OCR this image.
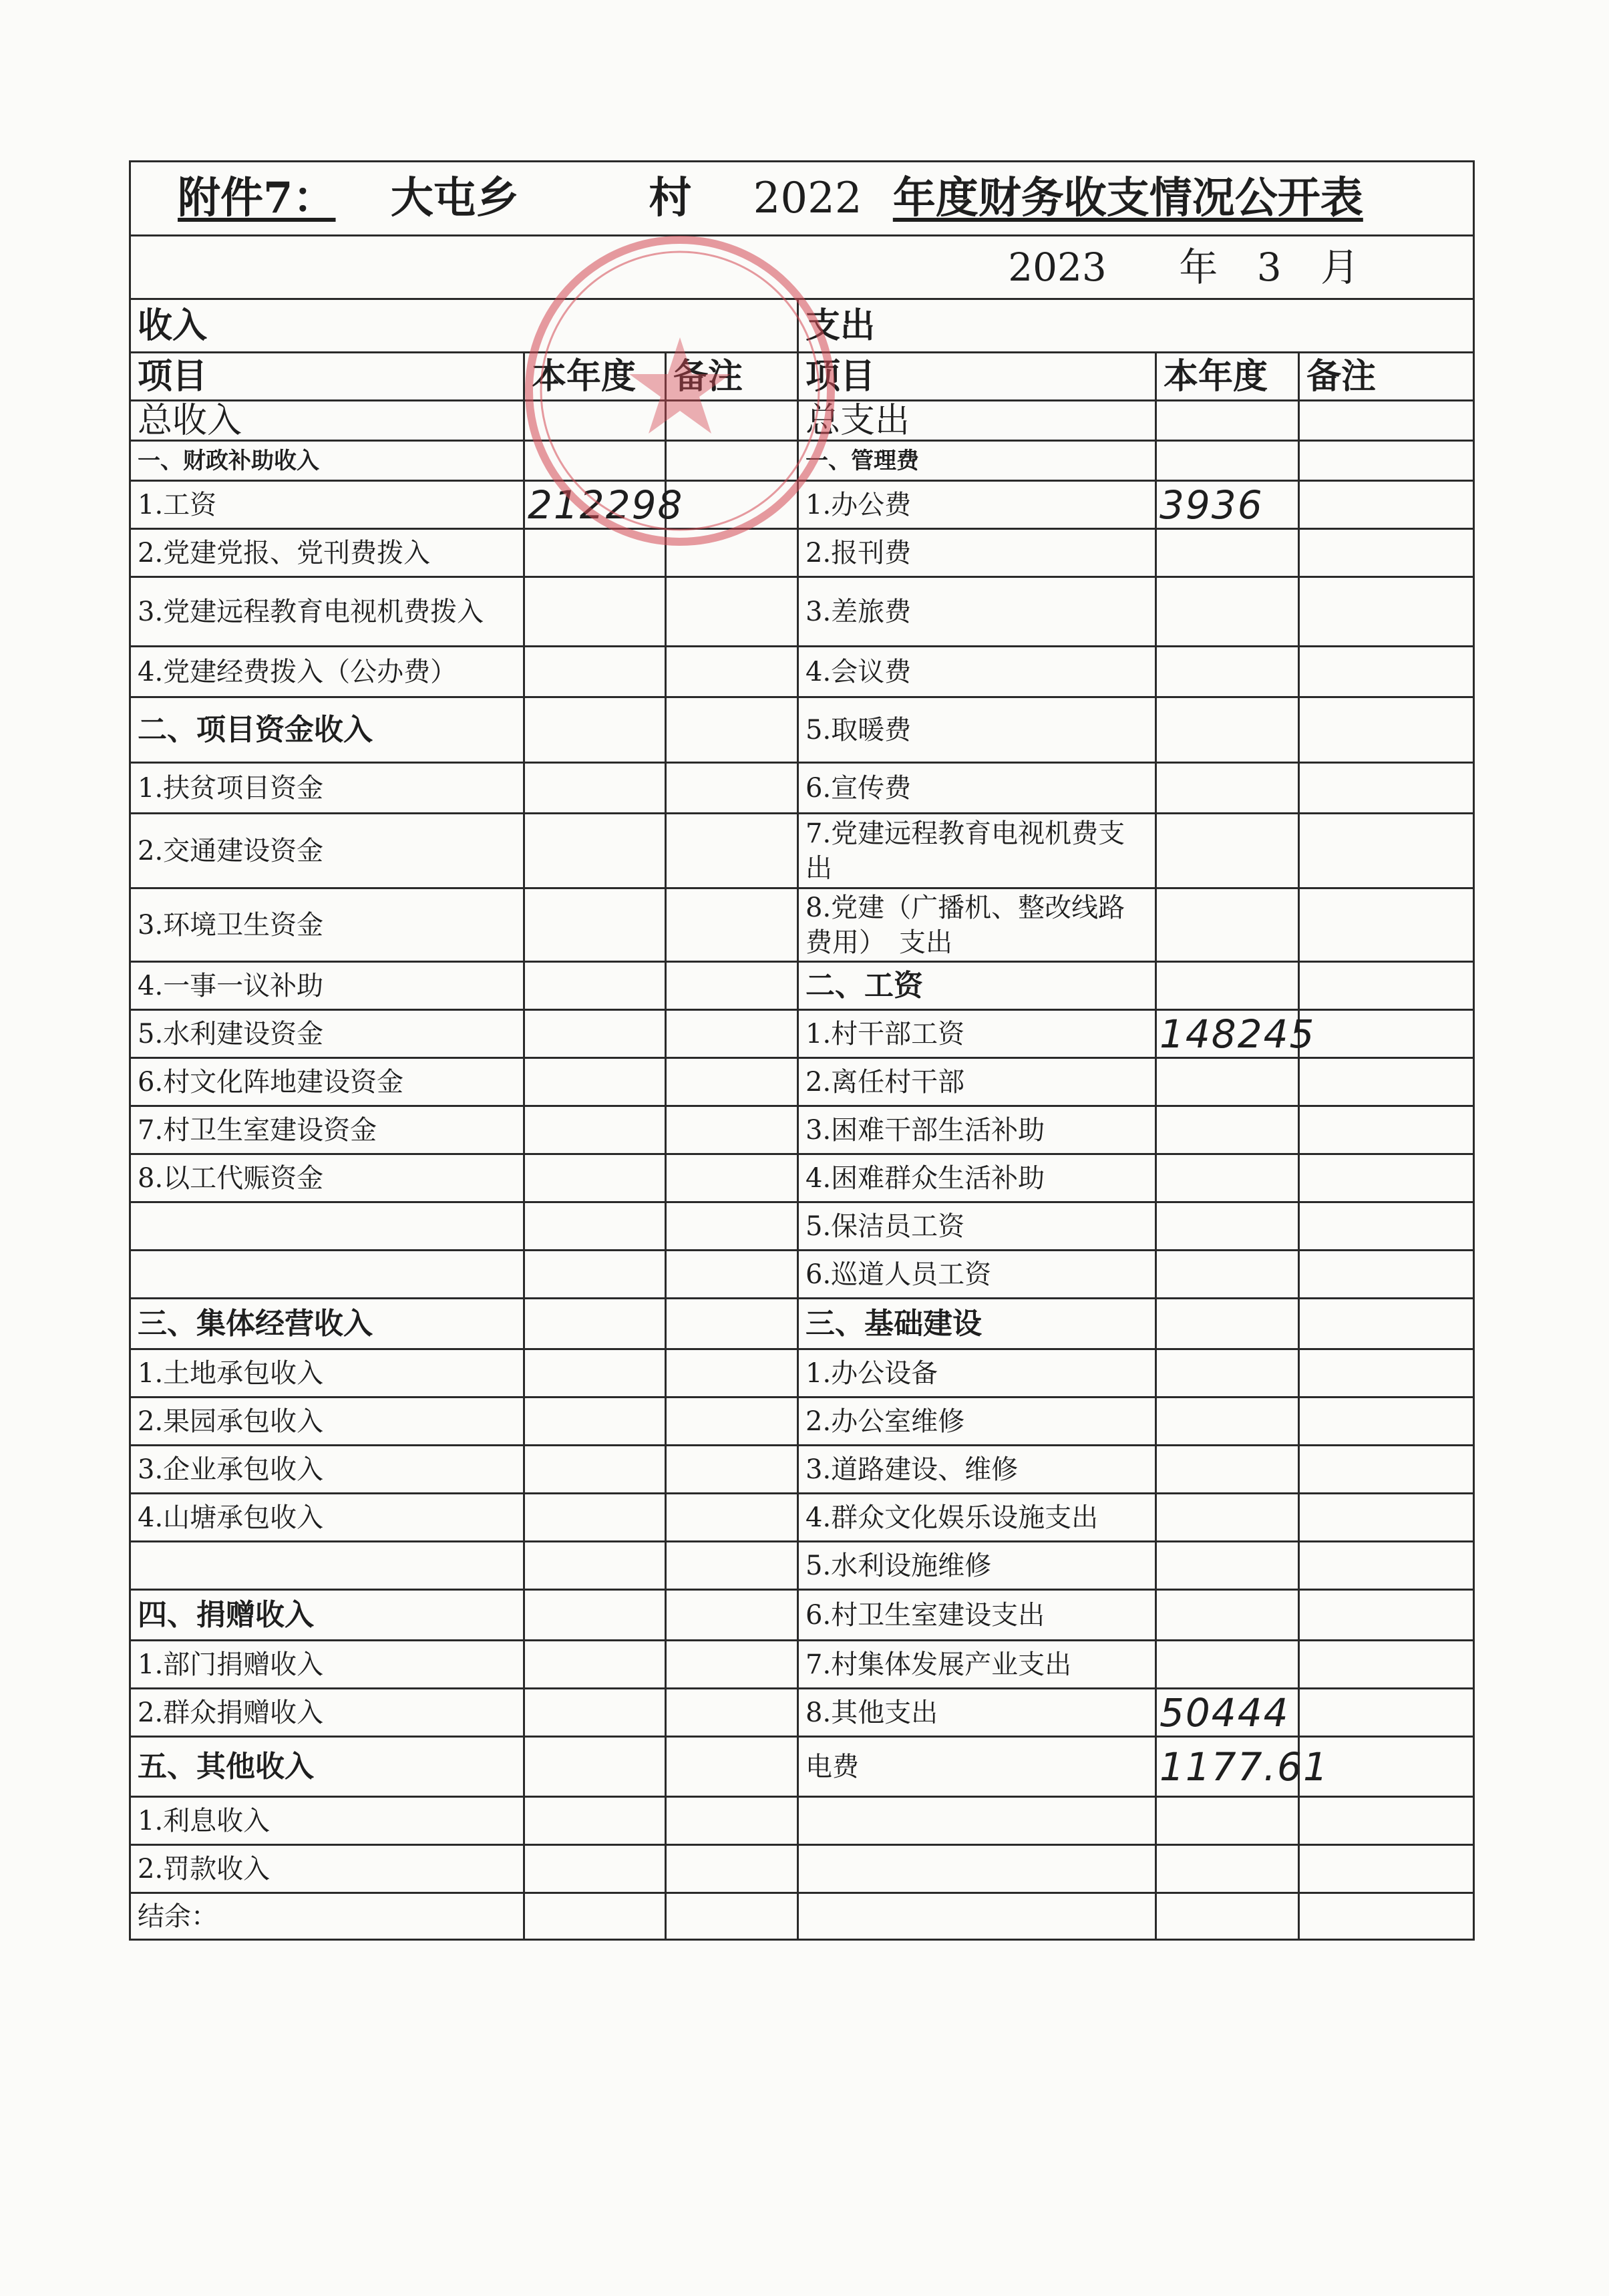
附件7： 大屯乡 村 2022 年度财务收支情况公开表					
2023 年 3 月					
收入			支出		
项目	本年度	备注	项目	本年度	备注
总收入			总支出		
一、财政补助收入			一、管理费		
1.工资	212298		1.办公费	3936	
2.党建党报、党刊费拨入			2.报刊费		
3.党建远程教育电视机费拨入			3.差旅费		
4.党建经费拨入（公办费）			4.会议费		
二、项目资金收入			5.取暖费		
1.扶贫项目资金			6.宣传费		
2.交通建设资金			7.党建远程教育电视机费支出		
3.环境卫生资金			8.党建（广播机、整改线路费用）　支出		
4.一事一议补助			二、工资		
5.水利建设资金			1.村干部工资	148245	
6.村文化阵地建设资金			2.离任村干部		
7.村卫生室建设资金			3.困难干部生活补助		
8.以工代赈资金			4.困难群众生活补助		
			5.保洁员工资		
			6.巡道人员工资		
三、集体经营收入			三、基础建设		
1.土地承包收入			1.办公设备		
2.果园承包收入			2.办公室维修		
3.企业承包收入			3.道路建设、维修		
4.山塘承包收入			4.群众文化娱乐设施支出		
			5.水利设施维修		
四、捐赠收入			6.村卫生室建设支出		
1.部门捐赠收入			7.村集体发展产业支出		
2.群众捐赠收入			8.其他支出	50444	
五、其他收入			电费	1177.61	
1.利息收入					
2.罚款收入					
结余：					
